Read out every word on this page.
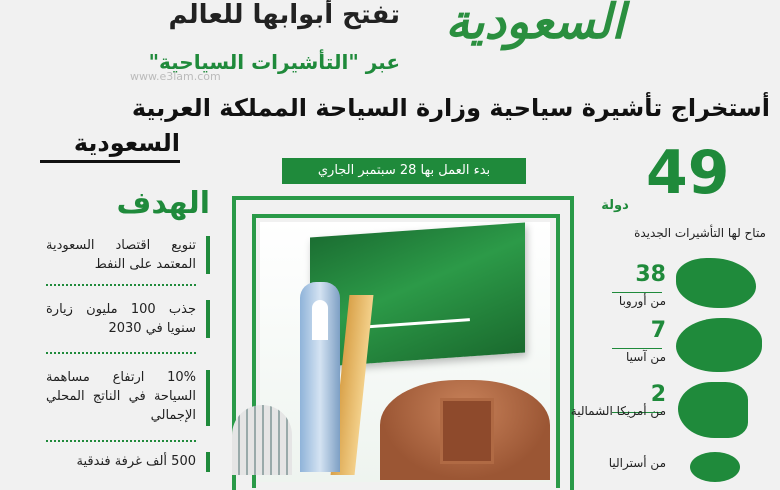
السعودية
تفتح أبوابها للعالم
عبر "التأشيرات السياحية"
www.e3lam.com
أستخراج تأشيرة سياحية وزارة السياحة المملكة العربية
السعودية
بدء العمل بها 28 سبتمبر الجاري	49
دولة
متاح لها التأشيرات الجديدة
38
من أوروبا
7
من آسيا
2
من أمريكا الشمالية
من أستراليا
الهدف
تنويع اقتصاد السعودية المعتمد على النفط
جذب 100 مليون زيارة سنويا في 2030
10% ارتفاع مساهمة السياحة في الناتج المحلي الإجمالي
500 ألف غرفة فندقية
